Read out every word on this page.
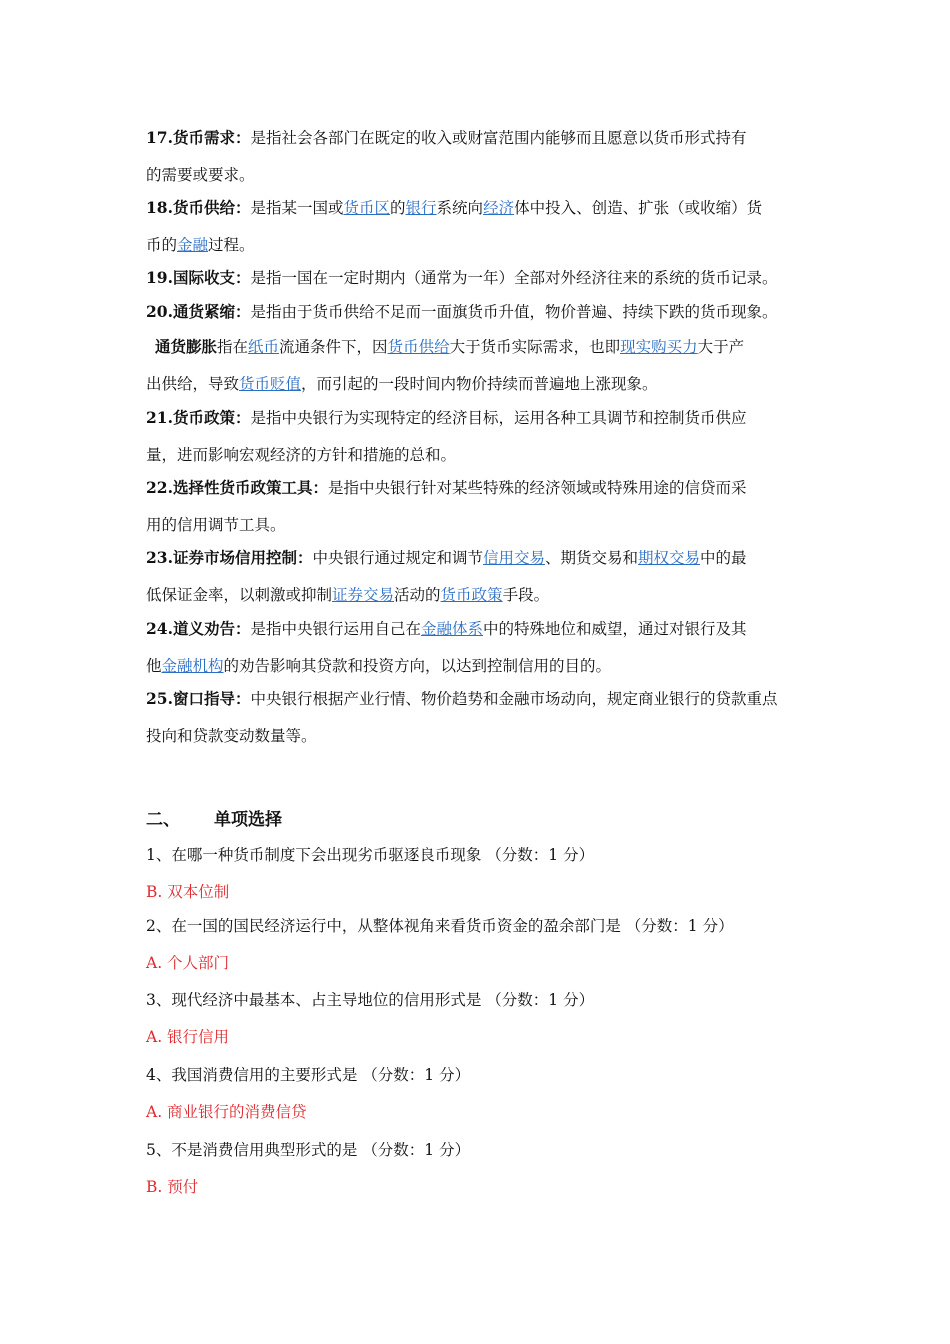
17.货币需求：是指社会各部门在既定的收入或财富范围内能够而且愿意以货币形式持有
的需要或要求。
18.货币供给：是指某一国或货币区的银行系统向经济体中投入、创造、扩张（或收缩）货
币的金融过程。
19.国际收支：是指一国在一定时期内（通常为一年）全部对外经济往来的系统的货币记录。
20.通货紧缩：是指由于货币供给不足而一面旗货币升值，物价普遍、持续下跌的货币现象。
通货膨胀指在纸币流通条件下，因货币供给大于货币实际需求，也即现实购买力大于产
出供给，导致货币贬值，而引起的一段时间内物价持续而普遍地上涨现象。
21.货币政策：是指中央银行为实现特定的经济目标，运用各种工具调节和控制货币供应
量，进而影响宏观经济的方针和措施的总和。
22.选择性货币政策工具：是指中央银行针对某些特殊的经济领域或特殊用途的信贷而采
用的信用调节工具。
23.证券市场信用控制：中央银行通过规定和调节信用交易、期货交易和期权交易中的最
低保证金率，以刺激或抑制证券交易活动的货币政策手段。
24.道义劝告：是指中央银行运用自己在金融体系中的特殊地位和威望，通过对银行及其
他金融机构的劝告影响其贷款和投资方向，以达到控制信用的目的。
25.窗口指导：中央银行根据产业行情、物价趋势和金融市场动向，规定商业银行的贷款重点
投向和贷款变动数量等。
二、 单项选择
1、在哪一种货币制度下会出现劣币驱逐良币现象 （分数：1 分）
B. 双本位制
2、在一国的国民经济运行中，从整体视角来看货币资金的盈余部门是 （分数：1 分）
A. 个人部门
3、现代经济中最基本、占主导地位的信用形式是 （分数：1 分）
A. 银行信用
4、我国消费信用的主要形式是 （分数：1 分）
A. 商业银行的消费信贷
5、不是消费信用典型形式的是 （分数：1 分）
B. 预付
